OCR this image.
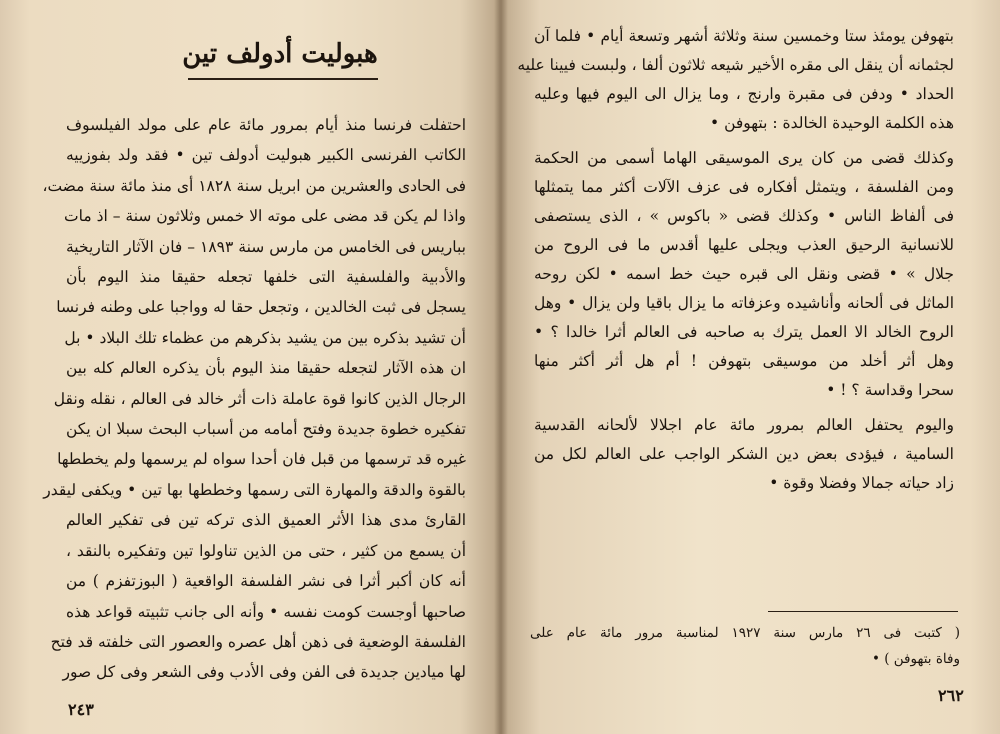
هبوليت أدولف تين
احتفلت فرنسا منذ أيام بمرور مائة عام على مولد الفيلسوف
الكاتب الفرنسى الكبير هبوليت أدولف تين • فقد ولد بفوزييه
فى الحادى والعشرين من ابريل سنة ١٨٢٨ أى منذ مائة سنة مضت،
واذا لم يكن قد مضى على موته الا خمس وثلاثون سنة – اذ مات
بباريس فى الخامس من مارس سنة ١٨٩٣ – فان الآثار التاريخية
والأدبية والفلسفية التى خلفها تجعله حقيقا منذ اليوم بأن
يسجل فى ثبت الخالدين ، وتجعل حقا له وواجبا على وطنه فرنسا
أن تشيد بذكره بين من يشيد بذكرهم من عظماء تلك البلاد • بل
ان هذه الآثار لتجعله حقيقا منذ اليوم بأن يذكره العالم كله بين
الرجال الذين كانوا قوة عاملة ذات أثر خالد فى العالم ، نقله ونقل
تفكيره خطوة جديدة وفتح أمامه من أسباب البحث سبلا ان يكن
غيره قد ترسمها من قبل فان أحدا سواه لم يرسمها ولم يخططها
بالقوة والدقة والمهارة التى رسمها وخططها بها تين • ويكفى ليقدر
القارئ مدى هذا الأثر العميق الذى تركه تين فى تفكير العالم
أن يسمع من كثير ، حتى من الذين تناولوا تين وتفكيره بالنقد ،
أنه كان أكبر أثرا فى نشر الفلسفة الواقعية ( البوزتفزم ) من
صاحبها أوجست كومت نفسه • وأنه الى جانب تثبيته قواعد هذه
الفلسفة الوضعية فى ذهن أهل عصره والعصور التى خلفته قد فتح
لها ميادين جديدة فى الفن وفى الأدب وفى الشعر وفى كل صور
٢٤٣
بتهوفن يومئذ ستا وخمسين سنة وثلاثة أشهر وتسعة أيام • فلما آن
لجثمانه أن ينقل الى مقره الأخير شيعه ثلاثون ألفا ، ولبست فيينا عليه
الحداد • ودفن فى مقبرة وارنج ، وما يزال الى اليوم فيها وعليه
هذه الكلمة الوحيدة الخالدة : بتهوفن •
وكذلك قضى من كان يرى الموسيقى الهاما أسمى من الحكمة
ومن الفلسفة ، ويتمثل أفكاره فى عزف الآلات أكثر مما يتمثلها
فى ألفاظ الناس • وكذلك قضى « باكوس » ، الذى يستصفى
للانسانية الرحيق العذب ويجلى عليها أقدس ما فى الروح من
جلال » • قضى ونقل الى قبره حيث خط اسمه • لكن روحه
الماثل فى ألحانه وأناشيده وعزفاته ما يزال باقيا ولن يزال • وهل
الروح الخالد الا العمل يترك به صاحبه فى العالم أثرا خالدا ؟ •
وهل أثر أخلد من موسيقى بتهوفن ! أم هل أثر أكثر منها
سحرا وقداسة ؟ ! •
واليوم يحتفل العالم بمرور مائة عام اجلالا لألحانه القدسية
السامية ، فيؤدى بعض دين الشكر الواجب على العالم لكل من
زاد حياته جمالا وفضلا وقوة •
( كتبت فى ٢٦ مارس سنة ١٩٢٧ لمناسبة مرور مائة عام على
وفاة بتهوفن ) •
٢٦٢
